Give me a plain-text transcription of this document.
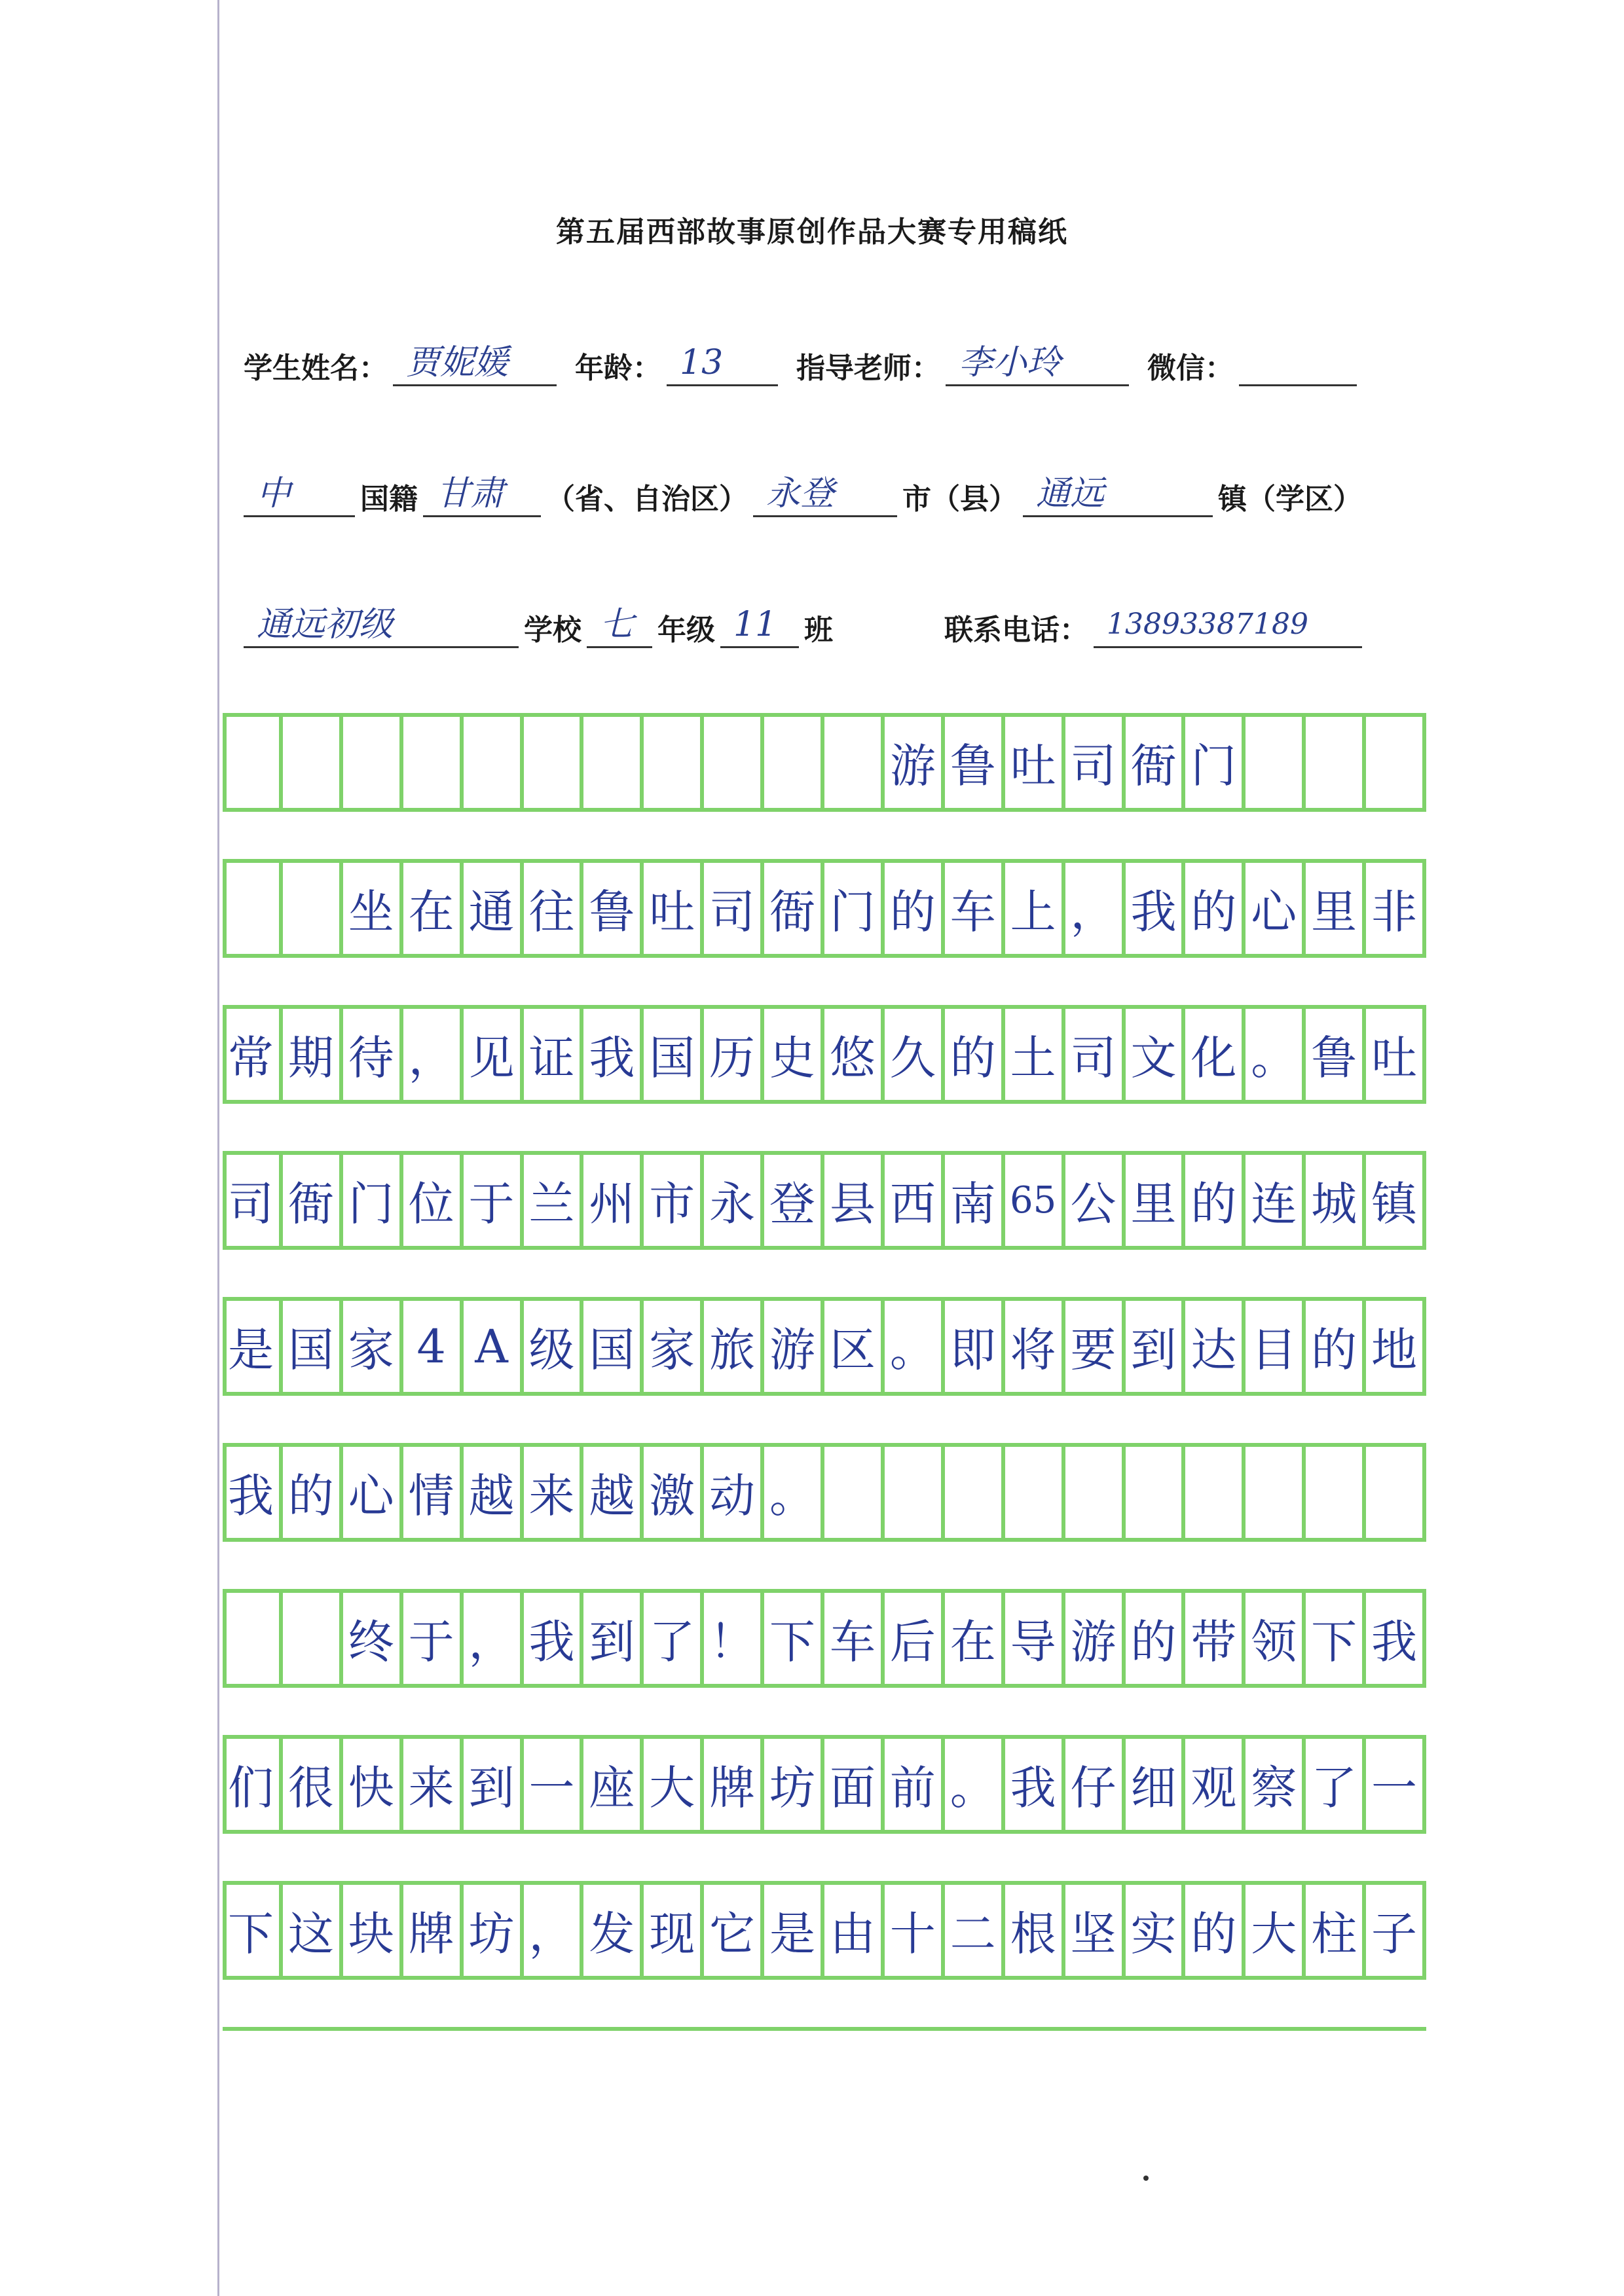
第五届西部故事原创作品大赛专用稿纸
学生姓名： 贾妮媛	年龄： 13	指导老师： 李小玲	微信：
中	国籍 甘肃	（省、自治区） 永登	市（县） 通远	镇（学区）
通远初级	学校 七 年级 11 班	联系电话： 13893387189
游 鲁 吐 司 衙 门
坐 在 通 往 鲁 吐 司 衙 门 的 车 上 ， 我 的 心 里 非
常 期 待 ， 见 证 我 国 历 史 悠 久 的 土 司 文 化 。 鲁 吐
司 衙 门 位 于 兰 州 市 永 登 县 西 南 65 公 里 的 连 城 镇
是 国 家 4 A 级 国 家 旅 游 区 。 即 将 要 到 达 目 的 地
我 的 心 情 越 来 越 激 动 。
终 于 ， 我 到 了 ！ 下 车 后 在 导 游 的 带 领 下 我
们 很 快 来 到 一 座 大 牌 坊 面 前 。 我 仔 细 观 察 了 一
下 这 块 牌 坊 ， 发 现 它 是 由 十 二 根 坚 实 的 大 柱 子
